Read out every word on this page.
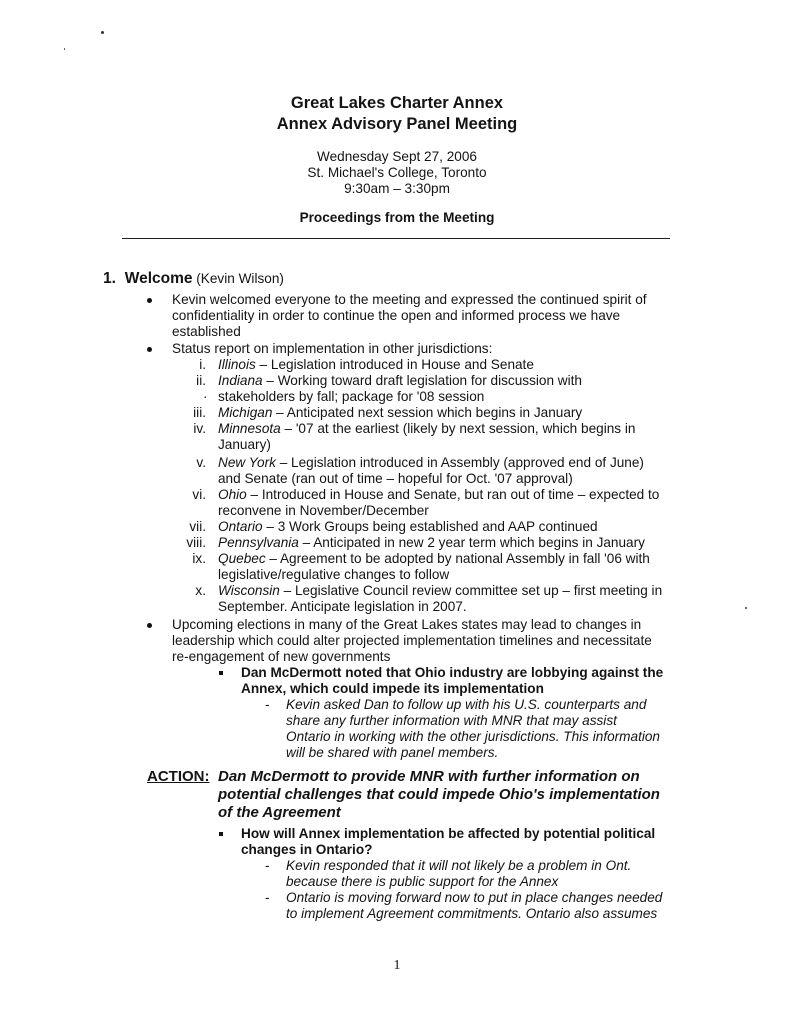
Great Lakes Charter Annex
Annex Advisory Panel Meeting
Wednesday Sept 27, 2006
St. Michael's College, Toronto
9:30am – 3:30pm
Proceedings from the Meeting
1. Welcome (Kevin Wilson)
Kevin welcomed everyone to the meeting and expressed the continued spirit of
confidentiality in order to continue the open and informed process we have
established
Status report on implementation in other jurisdictions:
i. Illinois – Legislation introduced in House and Senate
ii. Indiana – Working toward draft legislation for discussion with
· stakeholders by fall; package for '08 session
iii. Michigan – Anticipated next session which begins in January
iv. Minnesota – '07 at the earliest (likely by next session, which begins in
January)
v. New York – Legislation introduced in Assembly (approved end of June)
and Senate (ran out of time – hopeful for Oct. '07 approval)
vi. Ohio – Introduced in House and Senate, but ran out of time – expected to
reconvene in November/December
vii. Ontario – 3 Work Groups being established and AAP continued
viii. Pennsylvania – Anticipated in new 2 year term which begins in January
ix. Quebec – Agreement to be adopted by national Assembly in fall '06 with
legislative/regulative changes to follow
x. Wisconsin – Legislative Council review committee set up – first meeting in
September. Anticipate legislation in 2007.
Upcoming elections in many of the Great Lakes states may lead to changes in
leadership which could alter projected implementation timelines and necessitate
re-engagement of new governments
Dan McDermott noted that Ohio industry are lobbying against the
Annex, which could impede its implementation
- Kevin asked Dan to follow up with his U.S. counterparts and
share any further information with MNR that may assist
Ontario in working with the other jurisdictions. This information
will be shared with panel members.
ACTION: Dan McDermott to provide MNR with further information on
potential challenges that could impede Ohio's implementation
of the Agreement
How will Annex implementation be affected by potential political
changes in Ontario?
- Kevin responded that it will not likely be a problem in Ont.
because there is public support for the Annex
- Ontario is moving forward now to put in place changes needed
to implement Agreement commitments. Ontario also assumes
1
